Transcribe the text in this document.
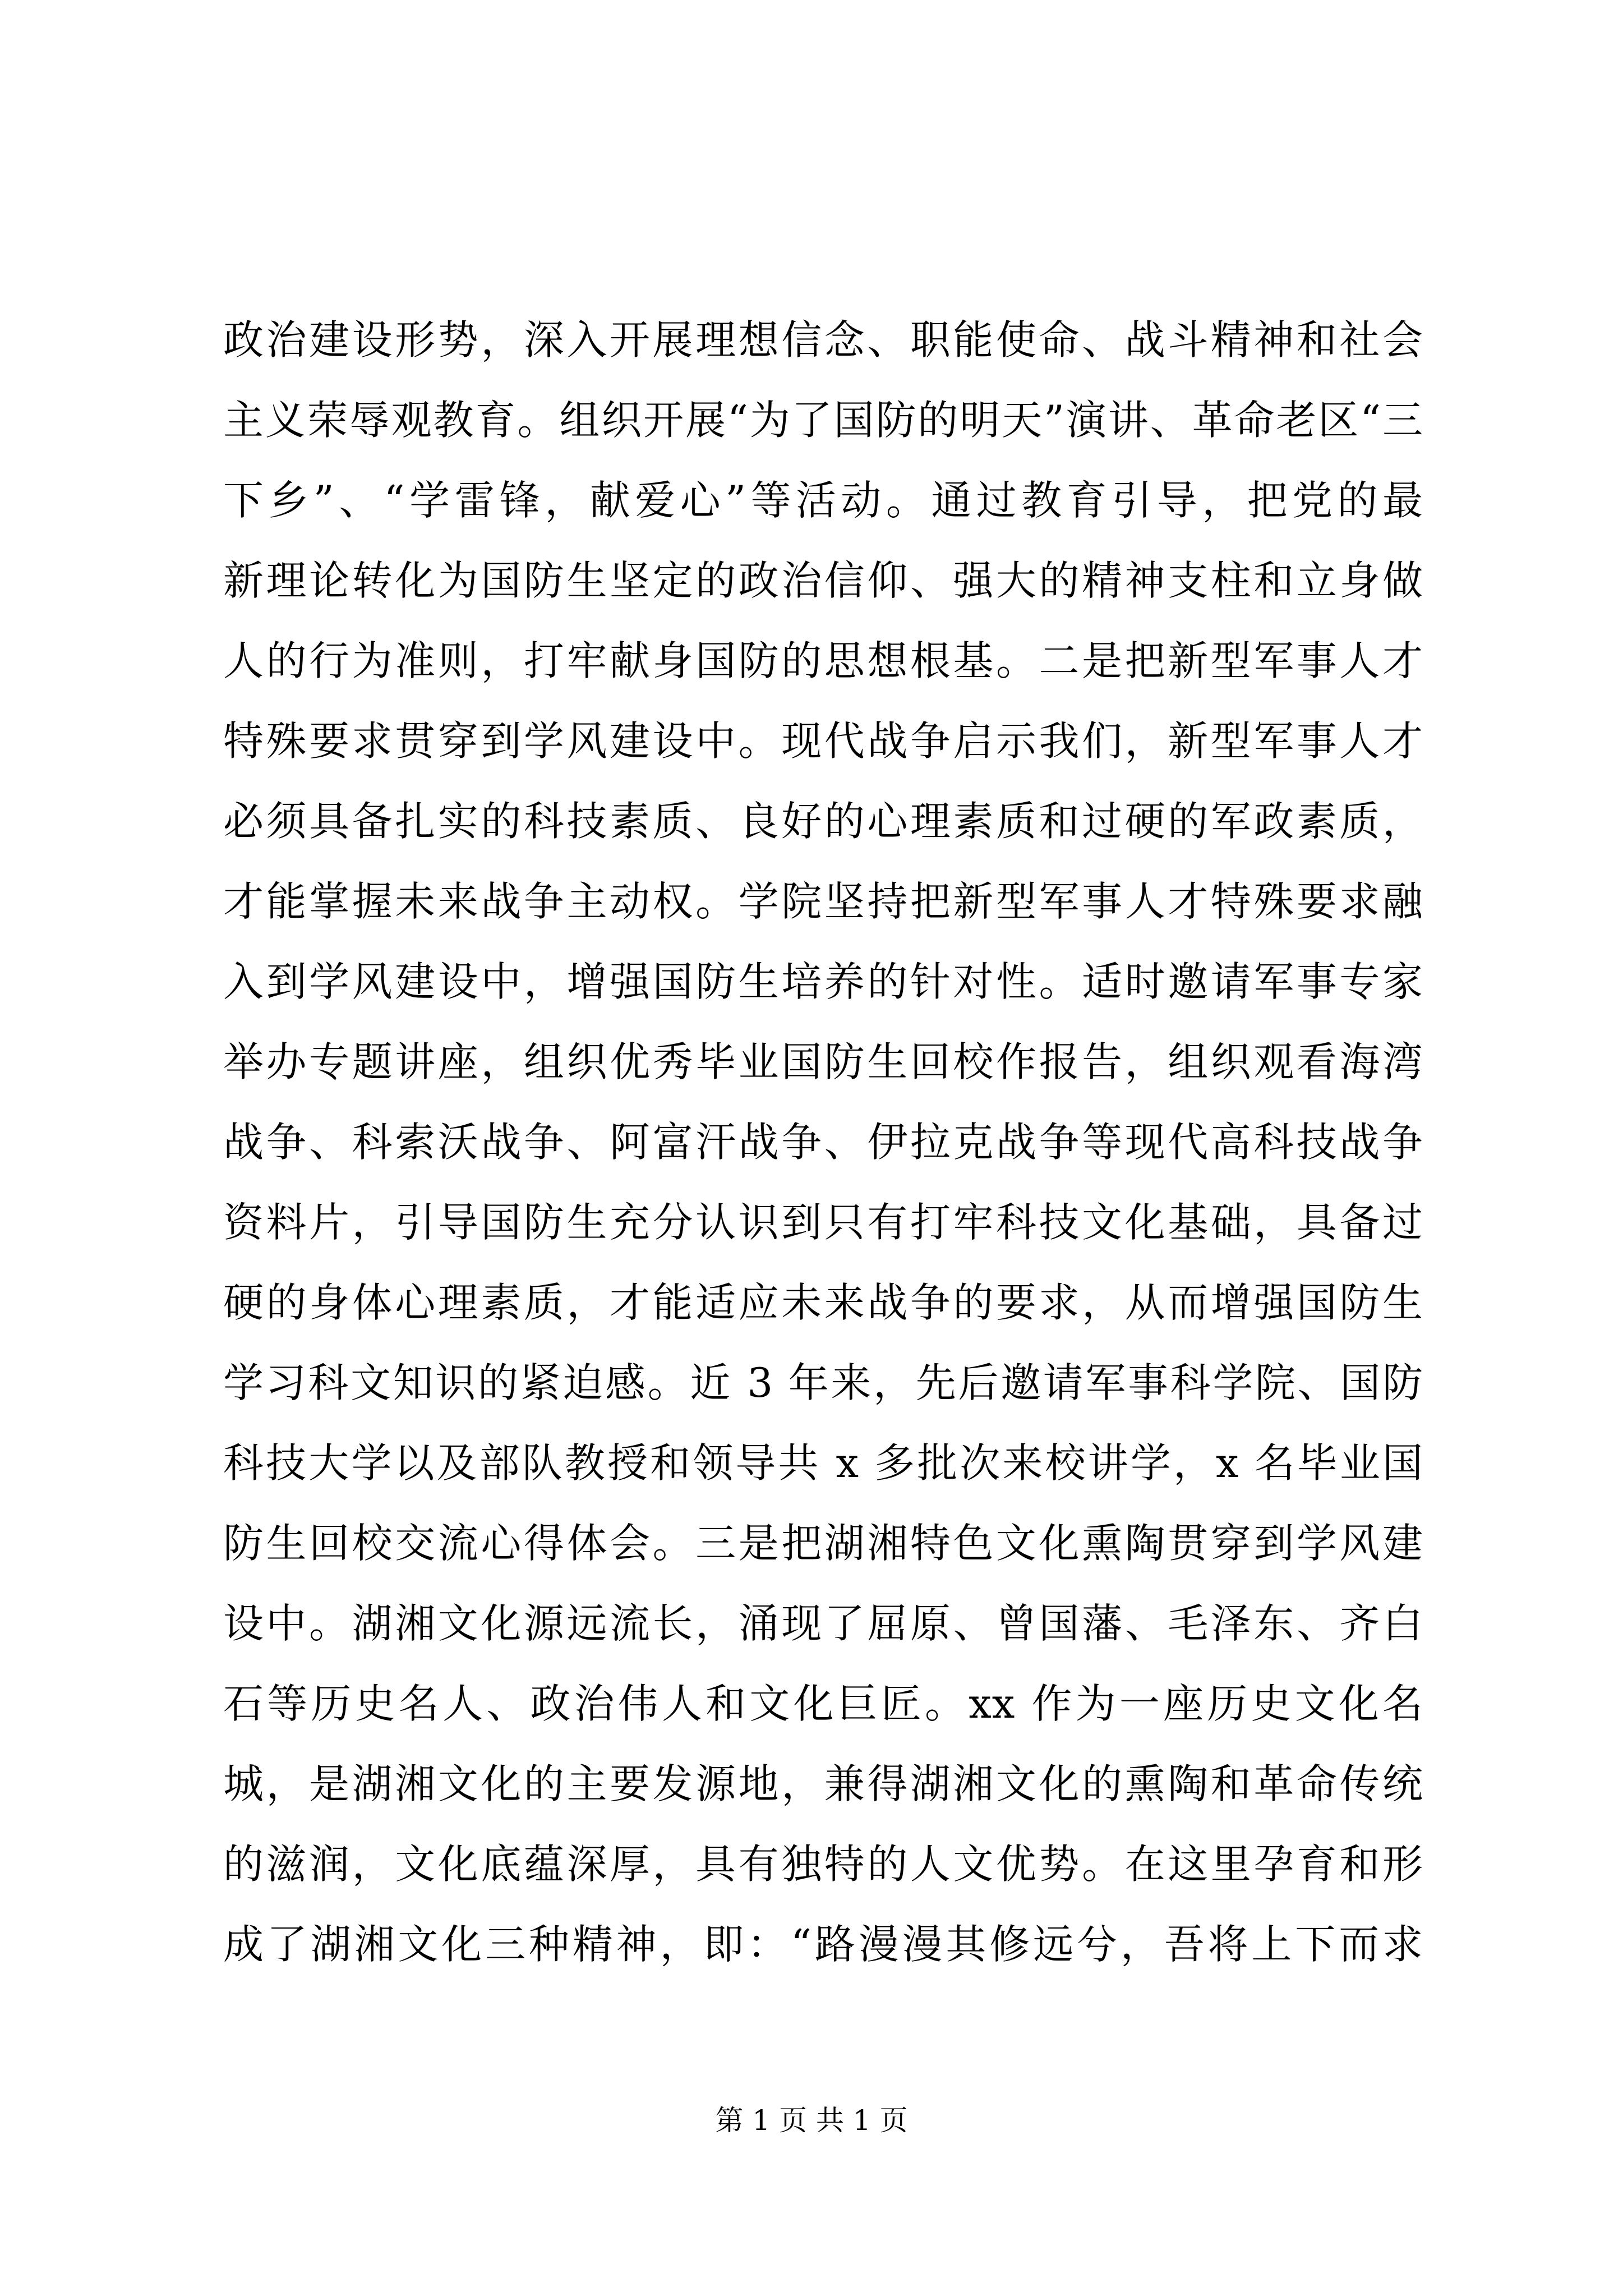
政治建设形势，深入开展理想信念、职能使命、战斗精神和社会
主义荣辱观教育。组织开展“为了国防的明天”演讲、革命老区“三
下乡”、“学雷锋，献爱心”等活动。通过教育引导，把党的最
新理论转化为国防生坚定的政治信仰、强大的精神支柱和立身做
人的行为准则，打牢献身国防的思想根基。二是把新型军事人才
特殊要求贯穿到学风建设中。现代战争启示我们，新型军事人才
必须具备扎实的科技素质、良好的心理素质和过硬的军政素质，
才能掌握未来战争主动权。学院坚持把新型军事人才特殊要求融
入到学风建设中，增强国防生培养的针对性。适时邀请军事专家
举办专题讲座，组织优秀毕业国防生回校作报告，组织观看海湾
战争、科索沃战争、阿富汗战争、伊拉克战争等现代高科技战争
资料片，引导国防生充分认识到只有打牢科技文化基础，具备过
硬的身体心理素质，才能适应未来战争的要求，从而增强国防生
学习科文知识的紧迫感。近 3 年来，先后邀请军事科学院、国防
科技大学以及部队教授和领导共 x 多批次来校讲学，x 名毕业国
防生回校交流心得体会。三是把湖湘特色文化熏陶贯穿到学风建
设中。湖湘文化源远流长，涌现了屈原、曾国藩、毛泽东、齐白
石等历史名人、政治伟人和文化巨匠。xx 作为一座历史文化名
城，是湖湘文化的主要发源地，兼得湖湘文化的熏陶和革命传统
的滋润，文化底蕴深厚，具有独特的人文优势。在这里孕育和形
成了湖湘文化三种精神，即：“路漫漫其修远兮，吾将上下而求
第 1 页 共 1 页
